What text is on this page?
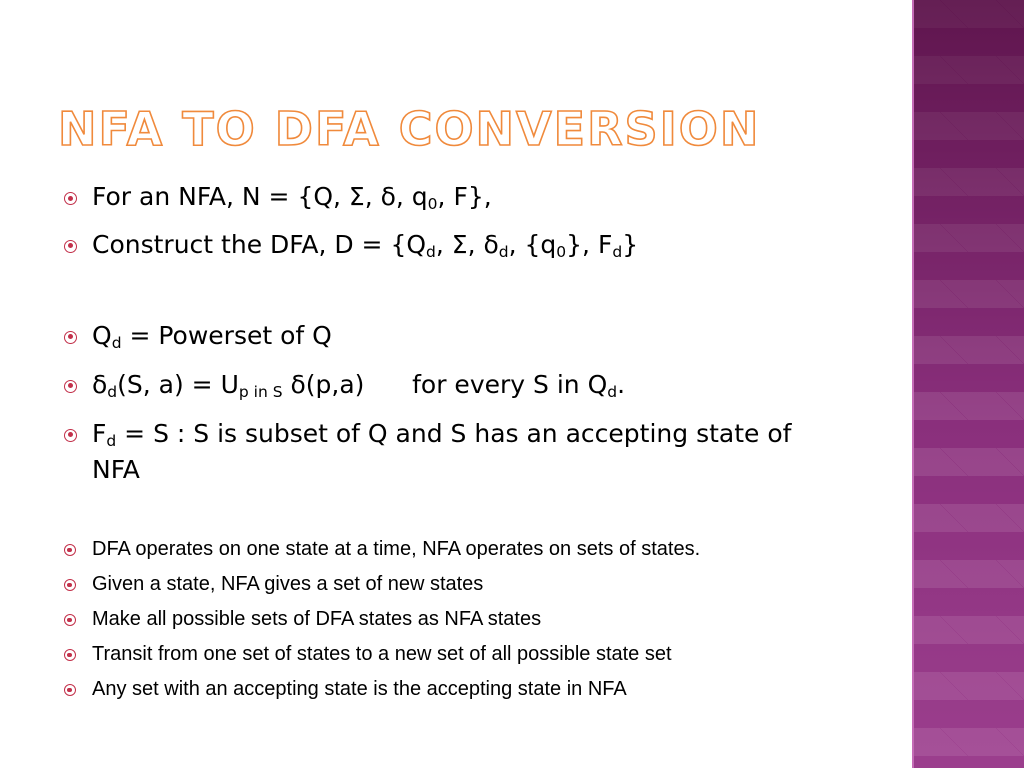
NFA TO DFA CONVERSION
For an NFA, N = {Q, Σ, δ, $q_0$, F},
Construct the DFA, $D = \{Q_d$, Σ, $\delta_d$, $\{q_0\}$, $F_d$}
$Q_d$ = Powerset of Q
$\delta_d(S$, $a) = U_{p in S}$ δ(p,a)      for every S in $Q_d$.
$F_d = S$ : S is subset of Q and S has an accepting state of NFA
DFA operates on one state at a time, NFA operates on sets of states.
Given a state, NFA gives a set of new states
Make all possible sets of DFA states as NFA states
Transit from one set of states to a new set of all possible state set
Any set with an accepting state is the accepting state in NFA
